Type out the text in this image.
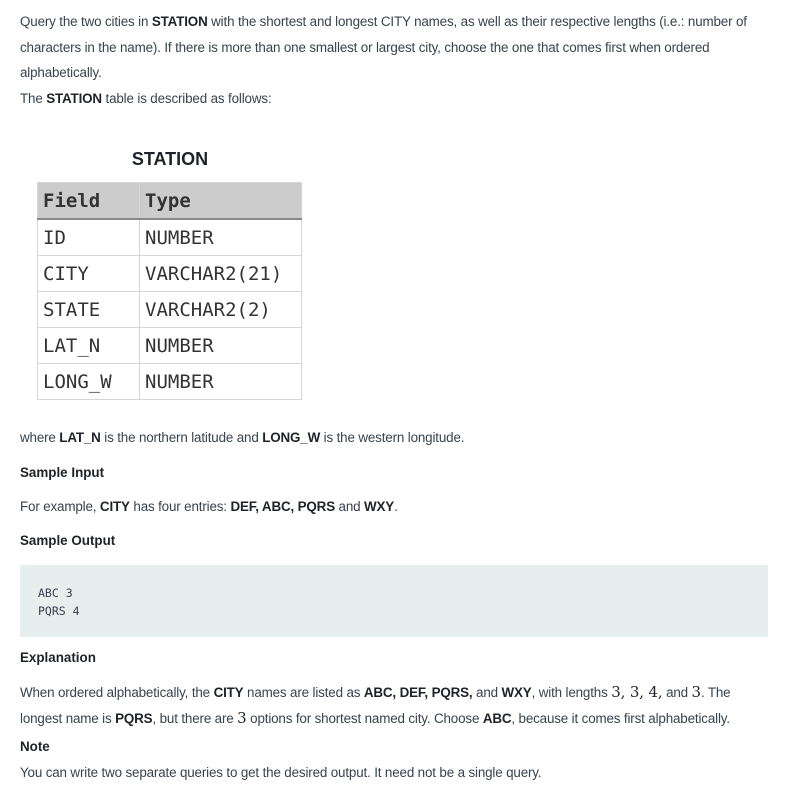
Query the two cities in STATION with the shortest and longest CITY names, as well as their respective lengths (i.e.: number of characters in the name). If there is more than one smallest or largest city, choose the one that comes first when ordered alphabetically.
The STATION table is described as follows:

STATION
Field	Type
ID	NUMBER
CITY	VARCHAR2(21)
STATE	VARCHAR2(2)
LAT_N	NUMBER
LONG_W	NUMBER

where LAT_N is the northern latitude and LONG_W is the western longitude.

Sample Input

For example, CITY has four entries: DEF, ABC, PQRS and WXY.

Sample Output
ABC 3
PQRS 4
Explanation

When ordered alphabetically, the CITY names are listed as ABC, DEF, PQRS, and WXY, with lengths 3, 3, 4, and 3. The longest name is PQRS, but there are 3 options for shortest named city. Choose ABC, because it comes first alphabetically.

Note

You can write two separate queries to get the desired output. It need not be a single query.
